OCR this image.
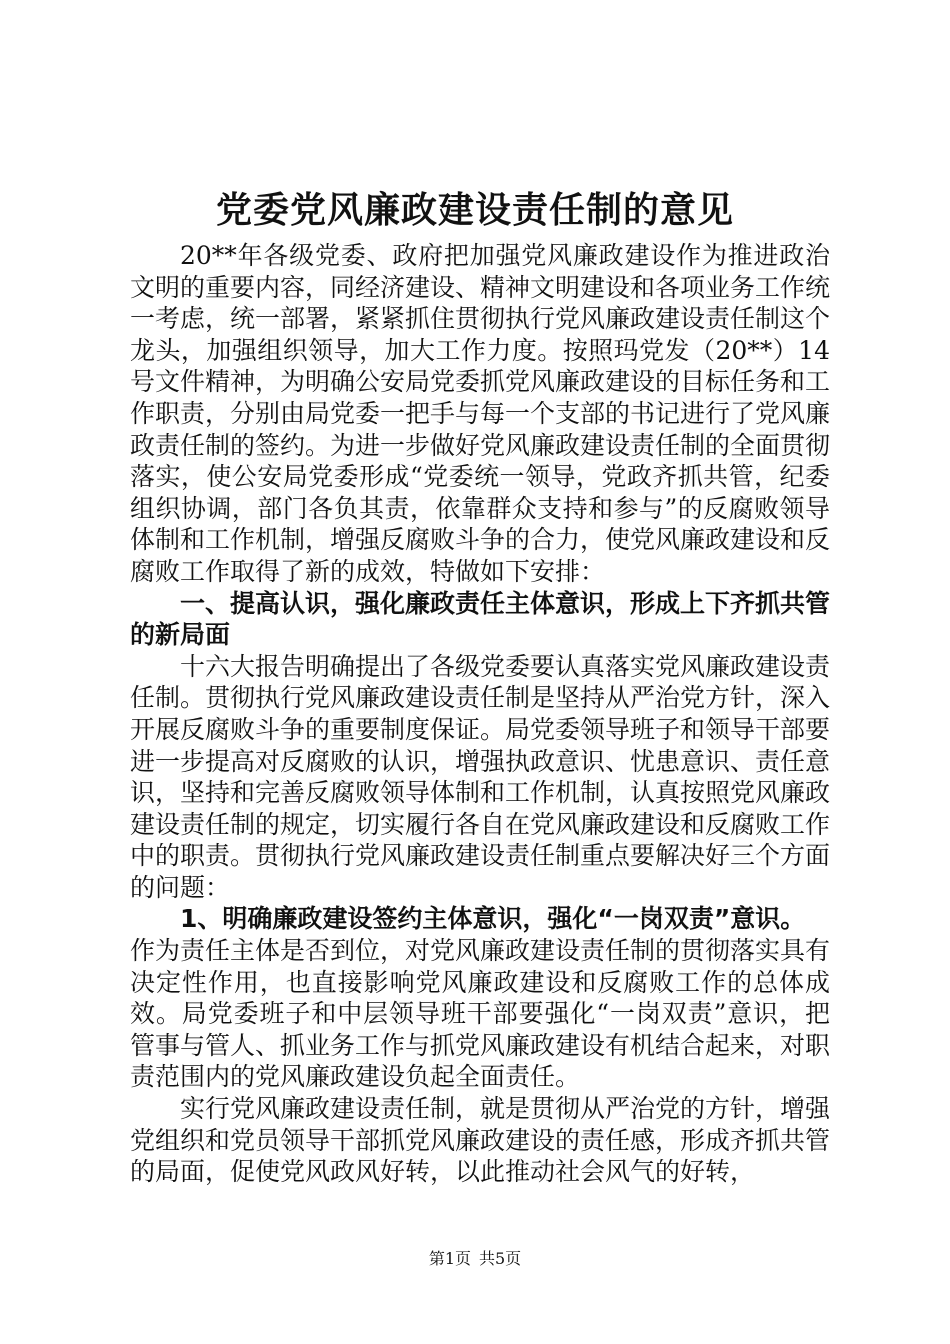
党委党风廉政建设责任制的意见

20**年各级党委、政府把加强党风廉政建设作为推进政治文明的重要内容，同经济建设、精神文明建设和各项业务工作统一考虑，统一部署，紧紧抓住贯彻执行党风廉政建设责任制这个龙头，加强组织领导，加大工作力度。按照玛党发（20**）14号文件精神，为明确公安局党委抓党风廉政建设的目标任务和工作职责，分别由局党委一把手与每一个支部的书记进行了党风廉政责任制的签约。为进一步做好党风廉政建设责任制的全面贯彻落实，使公安局党委形成“党委统一领导，党政齐抓共管，纪委组织协调，部门各负其责，依靠群众支持和参与”的反腐败领导体制和工作机制，增强反腐败斗争的合力，使党风廉政建设和反腐败工作取得了新的成效，特做如下安排：

一、提高认识，强化廉政责任主体意识，形成上下齐抓共管的新局面

十六大报告明确提出了各级党委要认真落实党风廉政建设责任制。贯彻执行党风廉政建设责任制是坚持从严治党方针，深入开展反腐败斗争的重要制度保证。局党委领导班子和领导干部要进一步提高对反腐败的认识，增强执政意识、忧患意识、责任意识，坚持和完善反腐败领导体制和工作机制，认真按照党风廉政建设责任制的规定，切实履行各自在党风廉政建设和反腐败工作中的职责。贯彻执行党风廉政建设责任制重点要解决好三个方面的问题：

1、明确廉政建设签约主体意识，强化“一岗双责”意识。

作为责任主体是否到位，对党风廉政建设责任制的贯彻落实具有决定性作用，也直接影响党风廉政建设和反腐败工作的总体成效。局党委班子和中层领导班干部要强化“一岗双责”意识，把管事与管人、抓业务工作与抓党风廉政建设有机结合起来，对职责范围内的党风廉政建设负起全面责任。

实行党风廉政建设责任制，就是贯彻从严治党的方针，增强党组织和党员领导干部抓党风廉政建设的责任感，形成齐抓共管的局面，促使党风政风好转，以此推动社会风气的好转，

第1页 共5页
